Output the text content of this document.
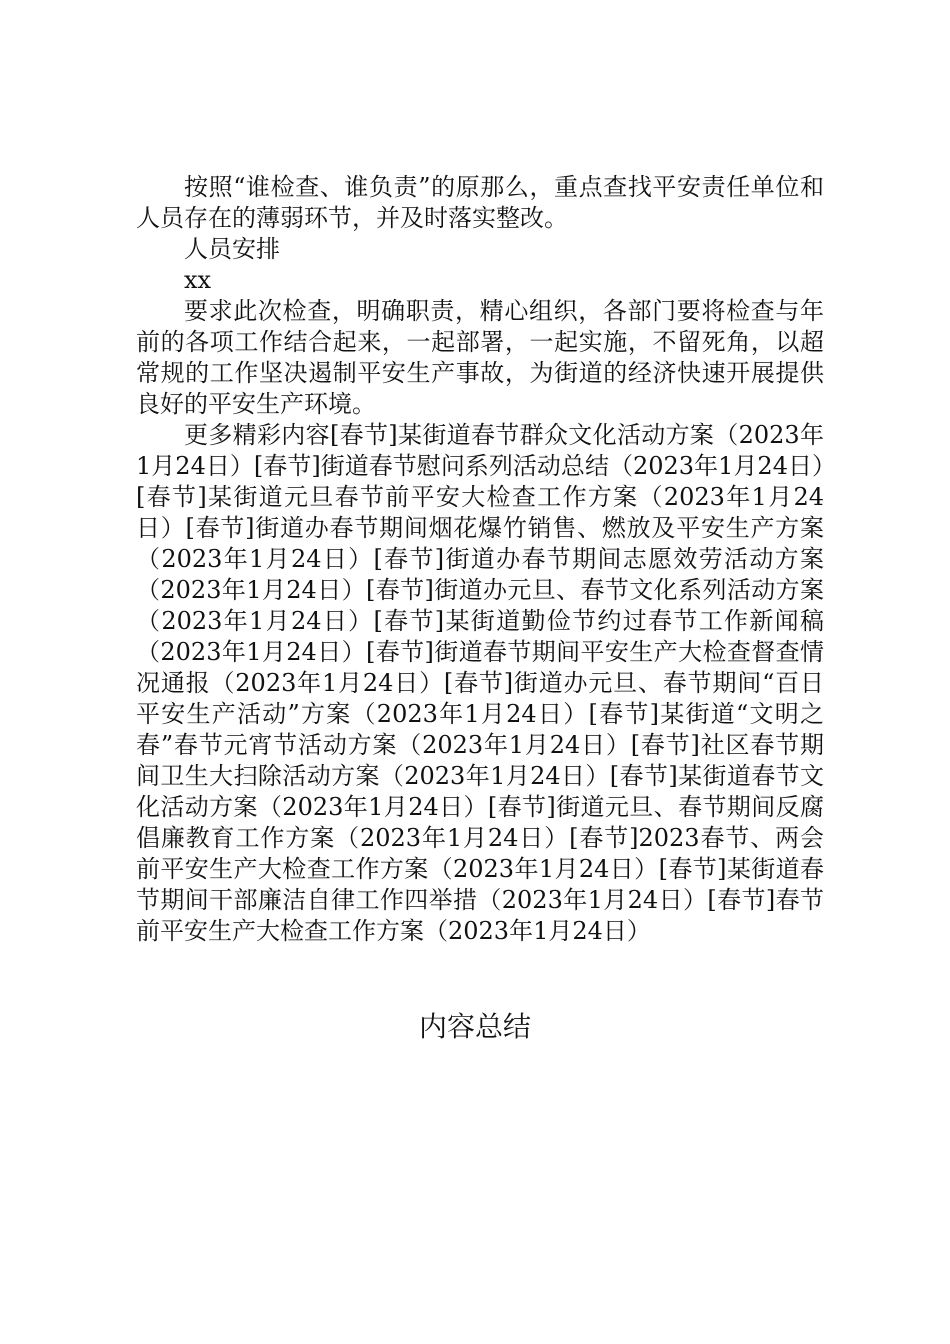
按照“谁检查、谁负责”的原那么，重点查找平安责任单位和人员存在的薄弱环节，并及时落实整改。

人员安排

xx

要求此次检查，明确职责，精心组织，各部门要将检查与年前的各项工作结合起来，一起部署，一起实施，不留死角，以超常规的工作坚决遏制平安生产事故，为街道的经济快速开展提供良好的平安生产环境。

更多精彩内容[春节]某街道春节群众文化活动方案（2023年1月24日）[春节]街道春节慰问系列活动总结（2023年1月24日）[春节]某街道元旦春节前平安大检查工作方案（2023年1月24日）[春节]街道办春节期间烟花爆竹销售、燃放及平安生产方案（2023年1月24日）[春节]街道办春节期间志愿效劳活动方案（2023年1月24日）[春节]街道办元旦、春节文化系列活动方案（2023年1月24日）[春节]某街道勤俭节约过春节工作新闻稿（2023年1月24日）[春节]街道春节期间平安生产大检查督查情况通报（2023年1月24日）[春节]街道办元旦、春节期间“百日平安生产活动”方案（2023年1月24日）[春节]某街道“文明之春”春节元宵节活动方案（2023年1月24日）[春节]社区春节期间卫生大扫除活动方案（2023年1月24日）[春节]某街道春节文化活动方案（2023年1月24日）[春节]街道元旦、春节期间反腐倡廉教育工作方案（2023年1月24日）[春节]2023春节、两会前平安生产大检查工作方案（2023年1月24日）[春节]某街道春节期间干部廉洁自律工作四举措（2023年1月24日）[春节]春节前平安生产大检查工作方案（2023年1月24日）

内容总结
